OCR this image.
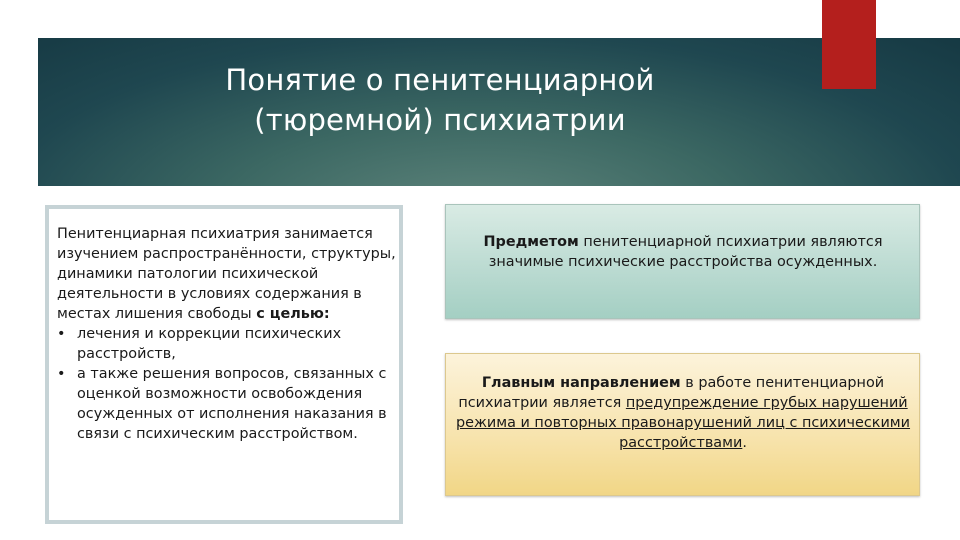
Понятие о пенитенциарной
(тюремной) психиатрии

Пенитенциарная психиатрия занимается изучением распространённости, структуры, динамики патологии психической деятельности в условиях содержания в местах лишения свободы с целью:

• лечения и коррекции психических расстройств,
• а также решения вопросов, связанных с оценкой возможности освобождения осужденных от исполнения наказания в связи с психическим расстройством.
Предметом пенитенциарной психиатрии являются значимые психические расстройства осужденных.
Главным направлением в работе пенитенциарной психиатрии является предупреждение грубых нарушений режима и повторных правонарушений лиц с психическими расстройствами.
